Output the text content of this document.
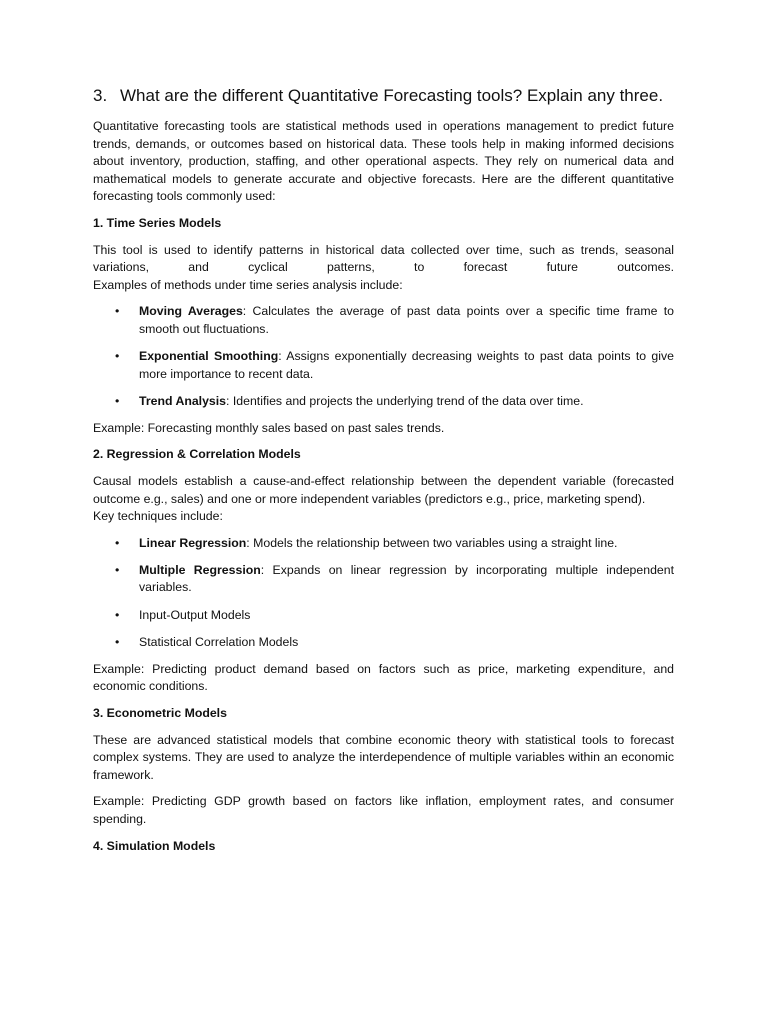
3. What are the different Quantitative Forecasting tools? Explain any three.

Quantitative forecasting tools are statistical methods used in operations management to predict future trends, demands, or outcomes based on historical data. These tools help in making informed decisions about inventory, production, staffing, and other operational aspects. They rely on numerical data and mathematical models to generate accurate and objective forecasts. Here are the different quantitative forecasting tools commonly used:

1. Time Series Models

This tool is used to identify patterns in historical data collected over time, such as trends, seasonal variations, and cyclical patterns, to forecast future outcomes.

Examples of methods under time series analysis include:

• Moving Averages: Calculates the average of past data points over a specific time frame to smooth out fluctuations.
• Exponential Smoothing: Assigns exponentially decreasing weights to past data points to give more importance to recent data.
• Trend Analysis: Identifies and projects the underlying trend of the data over time.

Example: Forecasting monthly sales based on past sales trends.

2. Regression & Correlation Models

Causal models establish a cause-and-effect relationship between the dependent variable (forecasted outcome e.g., sales) and one or more independent variables (predictors e.g., price, marketing spend).

Key techniques include:

• Linear Regression: Models the relationship between two variables using a straight line.
• Multiple Regression: Expands on linear regression by incorporating multiple independent variables.
• Input-Output Models
• Statistical Correlation Models

Example: Predicting product demand based on factors such as price, marketing expenditure, and economic conditions.

3. Econometric Models

These are advanced statistical models that combine economic theory with statistical tools to forecast complex systems. They are used to analyze the interdependence of multiple variables within an economic framework.

Example: Predicting GDP growth based on factors like inflation, employment rates, and consumer spending.

4. Simulation Models
